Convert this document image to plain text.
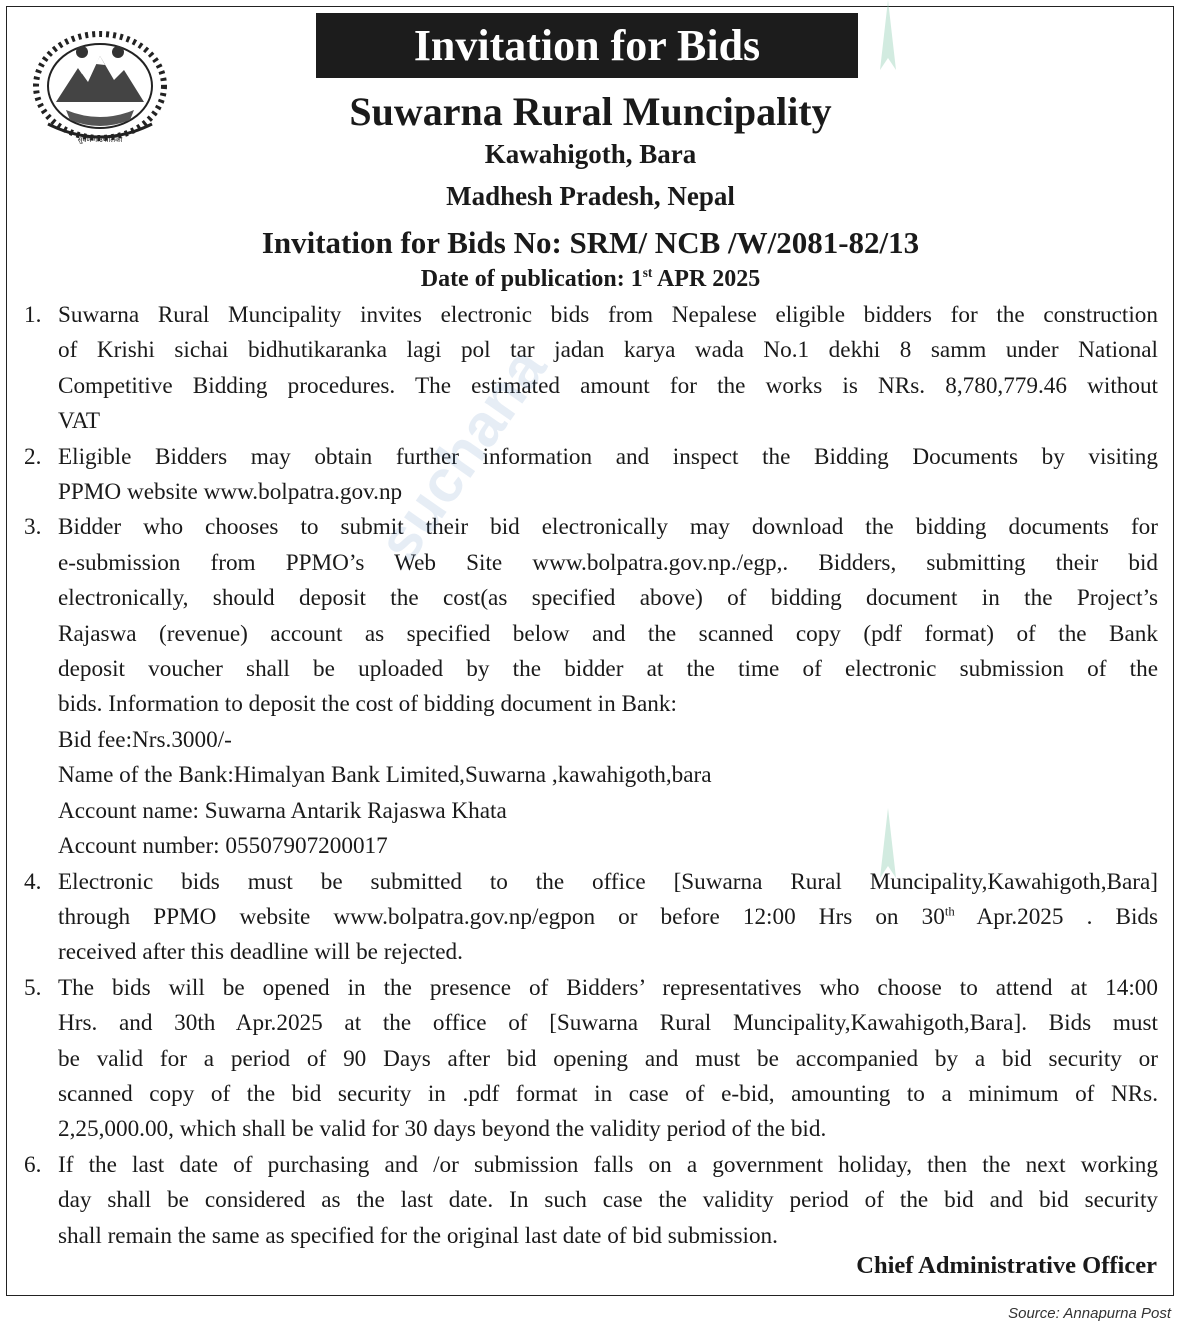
Invitation for Bids
सुवर्ण गाउँपालिका
Suwarna Rural Muncipality
Kawahigoth, Bara
Madhesh Pradesh, Nepal
Invitation for Bids No: SRM/ NCB /W/2081-82/13
Date of publication: 1st APR 2025
1. Suwarna Rural Muncipality invites electronic bids from Nepalese eligible bidders for the construction
of Krishi sichai bidhutikaranka lagi pol tar jadan karya wada No.1 dekhi 8 samm under National
Competitive Bidding procedures. The estimated amount for the works is NRs. 8,780,779.46 without
VAT
2. Eligible Bidders may obtain further information and inspect the Bidding Documents by visiting
PPMO website www.bolpatra.gov.np
3. Bidder who chooses to submit their bid electronically may download the bidding documents for
e-submission from PPMO’s Web Site www.bolpatra.gov.np./egp,. Bidders, submitting their bid
electronically, should deposit the cost(as specified above) of bidding document in the Project’s
Rajaswa (revenue) account as specified below and the scanned copy (pdf format) of the Bank
deposit voucher shall be uploaded by the bidder at the time of electronic submission of the
bids. Information to deposit the cost of bidding document in Bank:
Bid fee:Nrs.3000/-
Name of the Bank:Himalyan Bank Limited,Suwarna ,kawahigoth,bara
Account name: Suwarna Antarik Rajaswa Khata
Account number: 05507907200017
4. Electronic bids must be submitted to the office [Suwarna Rural Muncipality,Kawahigoth,Bara]
through PPMO website www.bolpatra.gov.np/egpon or before 12:00 Hrs on 30th Apr.2025 . Bids
received after this deadline will be rejected.
5. The bids will be opened in the presence of Bidders’ representatives who choose to attend at 14:00
Hrs. and 30th Apr.2025 at the office of [Suwarna Rural Muncipality,Kawahigoth,Bara]. Bids must
be valid for a period of 90 Days after bid opening and must be accompanied by a bid security or
scanned copy of the bid security in .pdf format in case of e-bid, amounting to a minimum of NRs.
2,25,000.00, which shall be valid for 30 days beyond the validity period of the bid.
6. If the last date of purchasing and /or submission falls on a government holiday, then the next working
day shall be considered as the last date. In such case the validity period of the bid and bid security
shall remain the same as specified for the original last date of bid submission.
Chief Administrative Officer
Source: Annapurna Post
suchana
